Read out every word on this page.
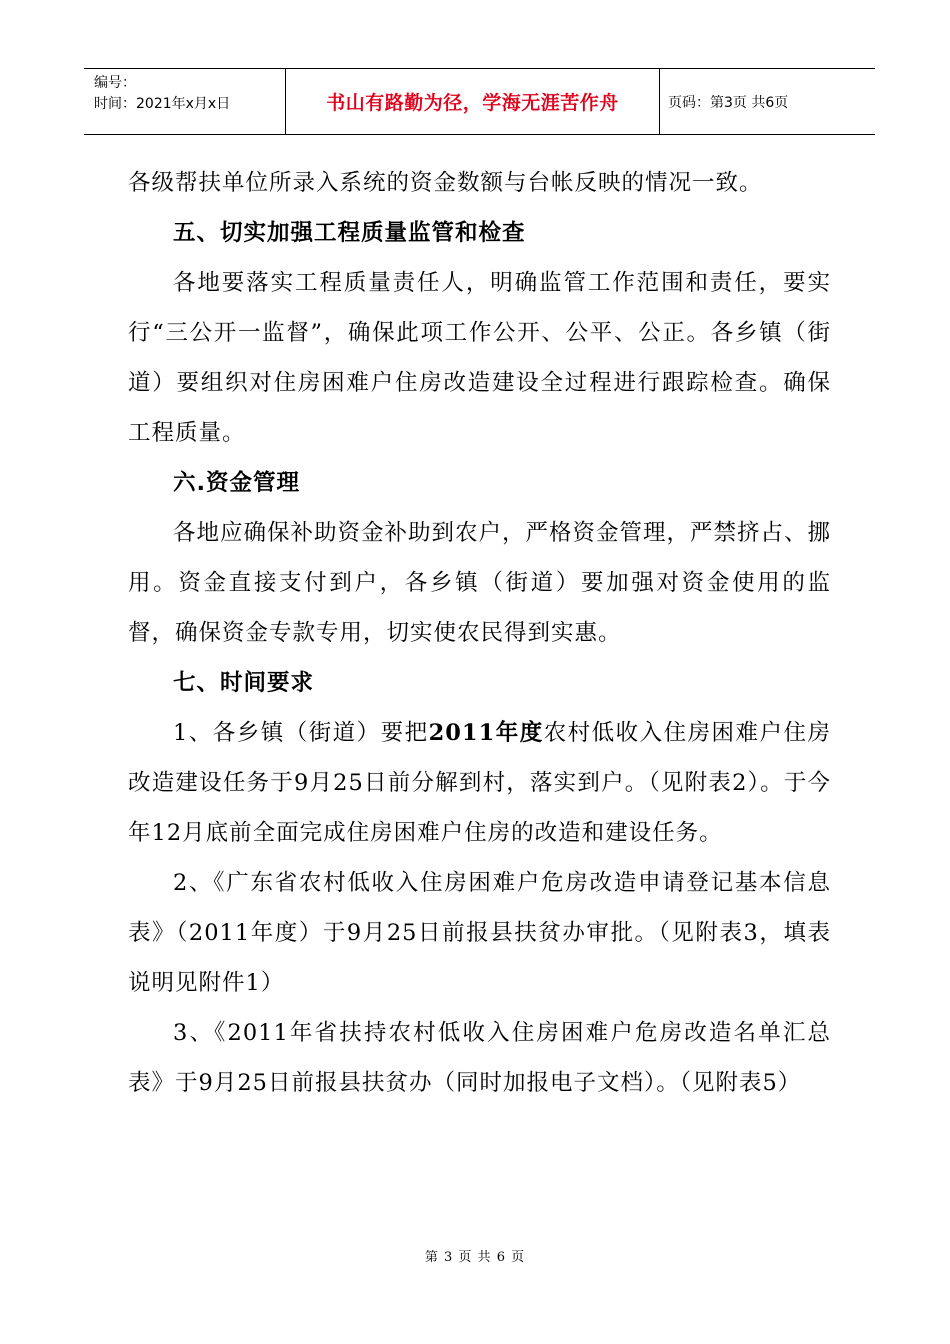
编号：
时间：2021年x月x日	书山有路勤为径，学海无涯苦作舟	页码：第3页 共6页

各级帮扶单位所录入系统的资金数额与台帐反映的情况一致。

五、切实加强工程质量监管和检查

各地要落实工程质量责任人，明确监管工作范围和责任，要实行“三公开一监督”，确保此项工作公开、公平、公正。各乡镇（街道）要组织对住房困难户住房改造建设全过程进行跟踪检查。确保工程质量。

六.资金管理

各地应确保补助资金补助到农户，严格资金管理，严禁挤占、挪用。资金直接支付到户，各乡镇（街道）要加强对资金使用的监督，确保资金专款专用，切实使农民得到实惠。

七、时间要求

1、各乡镇（街道）要把2011年度农村低收入住房困难户住房改造建设任务于9月25日前分解到村，落实到户。（见附表2）。于今年12月底前全面完成住房困难户住房的改造和建设任务。

2、《广东省农村低收入住房困难户危房改造申请登记基本信息表》（2011年度）于9月25日前报县扶贫办审批。（见附表3，填表说明见附件1）

3、《2011年省扶持农村低收入住房困难户危房改造名单汇总表》于9月25日前报县扶贫办（同时加报电子文档）。（见附表5）

第 3 页 共 6 页
